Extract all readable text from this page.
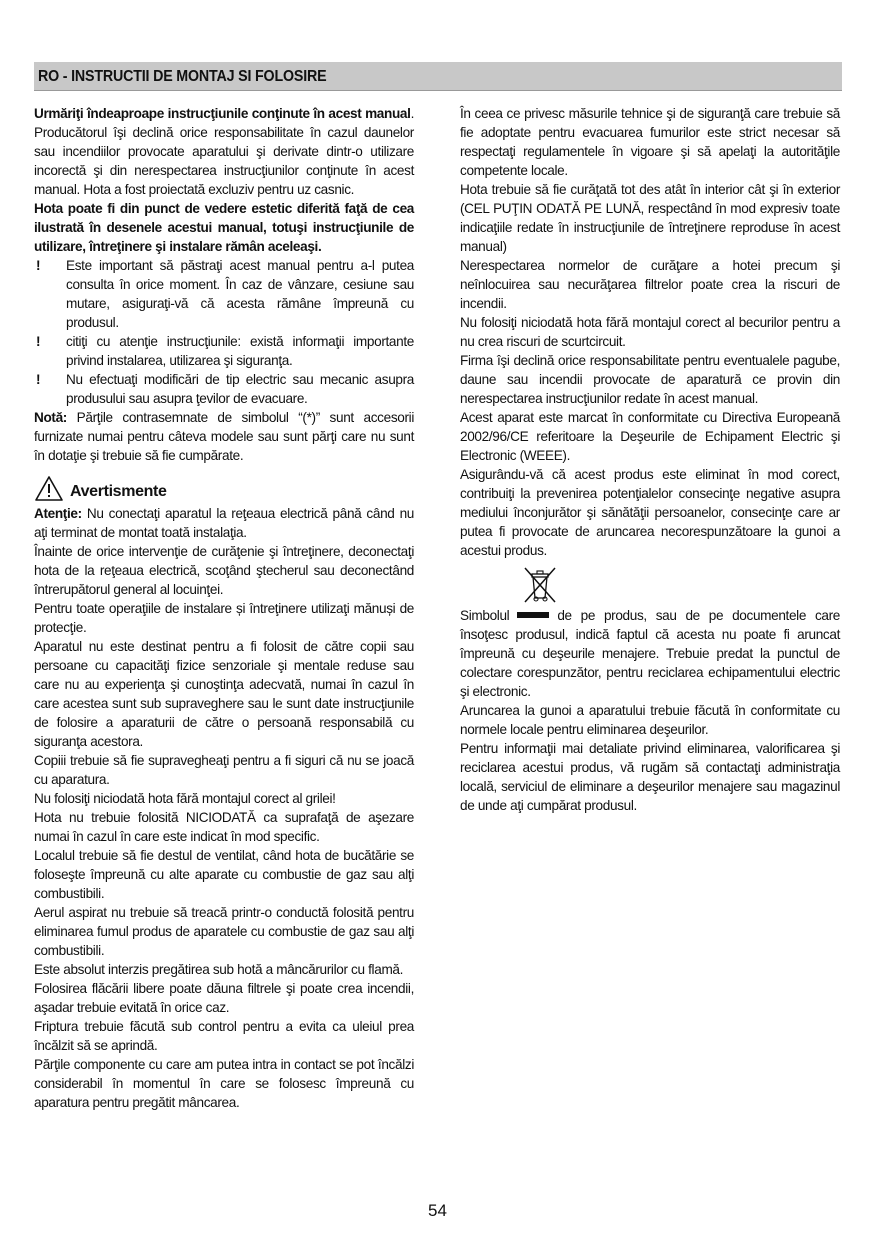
RO - INSTRUCTII DE MONTAJ SI FOLOSIRE

Urmăriţi îndeaproape instrucţiunile conţinute în acest manual. Producătorul îşi declină orice responsabilitate în cazul daunelor sau incendiilor provocate aparatului şi derivate dintr-o utilizare incorectă şi din nerespectarea instrucţiunilor conţinute în acest manual. Hota a fost proiectată excluziv pentru uz casnic.

Hota poate fi din punct de vedere estetic diferită faţă de cea ilustrată în desenele acestui manual, totuşi instrucţiunile de utilizare, întreţinere şi instalare rămân aceleaşi.

!	Este important să păstraţi acest manual pentru a-l putea consulta în orice moment. În caz de vânzare, cesiune sau mutare, asiguraţi-vă că acesta rămâne împreună cu produsul.
!	citiţi cu atenţie instrucţiunile: există informaţii importante privind instalarea, utilizarea şi siguranţa.
!	Nu efectuaţi modificări de tip electric sau mecanic asupra produsului sau asupra ţevilor de evacuare.

Notă: Părţile contrasemnate de simbolul “(*)” sunt accesorii furnizate numai pentru câteva modele sau sunt părţi care nu sunt în dotaţie şi trebuie să fie cumpărate.

Avertismente

Atenţie: Nu conectaţi aparatul la reţeaua electrică până când nu aţi terminat de montat toată instalaţia.

Înainte de orice intervenţie de curăţenie şi întreţinere, deconectaţi hota de la reţeaua electrică, scoţând ştecherul sau deconectând întrerupătorul general al locuinţei.

Pentru toate operaţiile de instalare și întreţinere utilizaţi mănuși de protecţie.

Aparatul nu este destinat pentru a fi folosit de către copii sau persoane cu capacităţi fizice senzoriale şi mentale reduse sau care nu au experienţa şi cunoştinţa adecvată, numai în cazul în care acestea sunt sub supraveghere sau le sunt date instrucţiunile de folosire a aparaturii de către o persoană responsabilă cu siguranţa acestora.

Copiii trebuie să fie supravegheaţi pentru a fi siguri că nu se joacă cu aparatura.

Nu folosiţi niciodată hota fără montajul corect al grilei!

Hota nu trebuie folosită NICIODATĂ ca suprafaţă de aşezare numai în cazul în care este indicat în mod specific.

Localul trebuie să fie destul de ventilat, când hota de bucătărie se foloseşte împreună cu alte aparate cu combustie de gaz sau alţi combustibili.

Aerul aspirat nu trebuie să treacă printr-o conductă folosită pentru eliminarea fumul produs de aparatele cu combustie de gaz sau alţi combustibili.

Este absolut interzis pregătirea sub hotă a mâncărurilor cu flamă.

Folosirea flăcării libere poate dăuna filtrele şi poate crea incendii, aşadar trebuie evitată în orice caz.

Friptura trebuie făcută sub control pentru a evita ca uleiul prea încălzit să se aprindă.

Părţile componente cu care am putea intra in contact se pot încălzi considerabil în momentul în care se folosesc împreună cu aparatura pentru pregătit mâncarea.

În ceea ce privesc măsurile tehnice şi de siguranţă care trebuie să fie adoptate pentru evacuarea fumurilor este strict necesar să respectaţi regulamentele în vigoare şi să apelaţi la autorităţile competente locale.

Hota trebuie să fie curăţată tot des atât în interior cât şi în exterior (CEL PUŢIN ODATĂ PE LUNĂ, respectând în mod expresiv toate indicaţiile redate în instrucţiunile de întreţinere reproduse în acest manual)

Nerespectarea normelor de curăţare a hotei precum şi neînlocuirea sau necurăţarea filtrelor poate crea la riscuri de incendii.

Nu folosiţi niciodată hota fără montajul corect al becurilor pentru a nu crea riscuri de scurtcircuit.

Firma îşi declină orice responsabilitate pentru eventualele pagube, daune sau incendii provocate de aparatură ce provin din nerespectarea instrucţiunilor redate în acest manual.

Acest aparat este marcat în conformitate cu Directiva Europeană 2002/96/CE referitoare la Deşeurile de Echipament Electric şi Electronic (WEEE).

Asigurându-vă că acest produs este eliminat în mod corect, contribuiţi la prevenirea potenţialelor consecinţe negative asupra mediului înconjurător şi sănătăţii persoanelor, consecinţe care ar putea fi provocate de aruncarea necorespunzătoare la gunoi a acestui produs.

Simbolul	de pe produs, sau de pe documentele care însoţesc produsul, indică faptul că acesta nu poate fi aruncat împreună cu deşeurile menajere. Trebuie predat la punctul de colectare corespunzător, pentru reciclarea echipamentului electric şi electronic.

Aruncarea la gunoi a aparatului trebuie făcută în conformitate cu normele locale pentru eliminarea deşeurilor.

Pentru informaţii mai detaliate privind eliminarea, valorificarea şi reciclarea acestui produs, vă rugăm să contactaţi administraţia locală, serviciul de eliminare a deşeurilor menajere sau magazinul de unde aţi cumpărat produsul.

54
